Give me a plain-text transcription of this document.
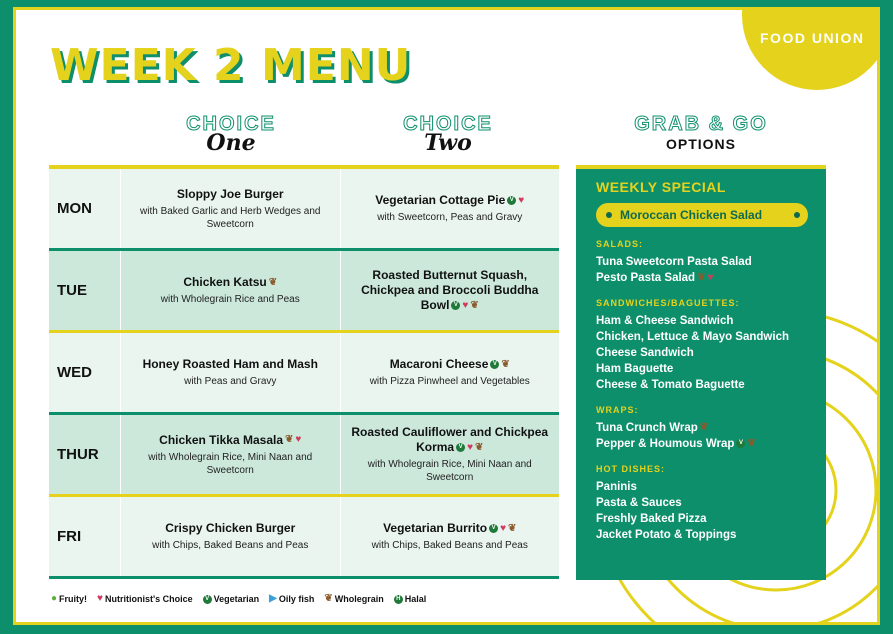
FOOD UNION
WEEK 2 MENU
CHOICE
One
CHOICE
Two
GRAB & GO
OPTIONS
MON
Sloppy Joe Burger
with Baked Garlic and Herb Wedges and Sweetcorn
Vegetarian Cottage Pie V ♥
with Sweetcorn, Peas and Gravy
TUE	Chicken Katsu ❦
with Wholegrain Rice and Peas
Roasted Butternut Squash, Chickpea and Broccoli Buddha Bowl V ♥ ❦
WED	Honey Roasted Ham and Mash
with Peas and Gravy
Macaroni Cheese V ❦
with Pizza Pinwheel and Vegetables
THUR
Chicken Tikka Masala ❦ ♥
with Wholegrain Rice, Mini Naan and Sweetcorn
Roasted Cauliflower and Chickpea Korma V ♥ ❦
with Wholegrain Rice, Mini Naan and Sweetcorn
FRI	Crispy Chicken Burger
with Chips, Baked Beans and Peas
Vegetarian Burrito V ♥ ❦
with Chips, Baked Beans and Peas
● Fruity! ♥ Nutritionist's Choice	V Vegetarian ▶ Oily fish ❦ Wholegrain	H Halal
WEEKLY SPECIAL
Moroccan Chicken Salad
SALADS:
Tuna Sweetcorn Pasta Salad
Pesto Pasta Salad ❦ ♥
SANDWICHES/BAGUETTES:
Ham & Cheese Sandwich
Chicken, Lettuce & Mayo Sandwich
Cheese Sandwich
Ham Baguette
Cheese & Tomato Baguette
WRAPS:
Tuna Crunch Wrap ❦
Pepper & Houmous Wrap V ❦
HOT DISHES:
Paninis
Pasta & Sauces
Freshly Baked Pizza
Jacket Potato & Toppings
